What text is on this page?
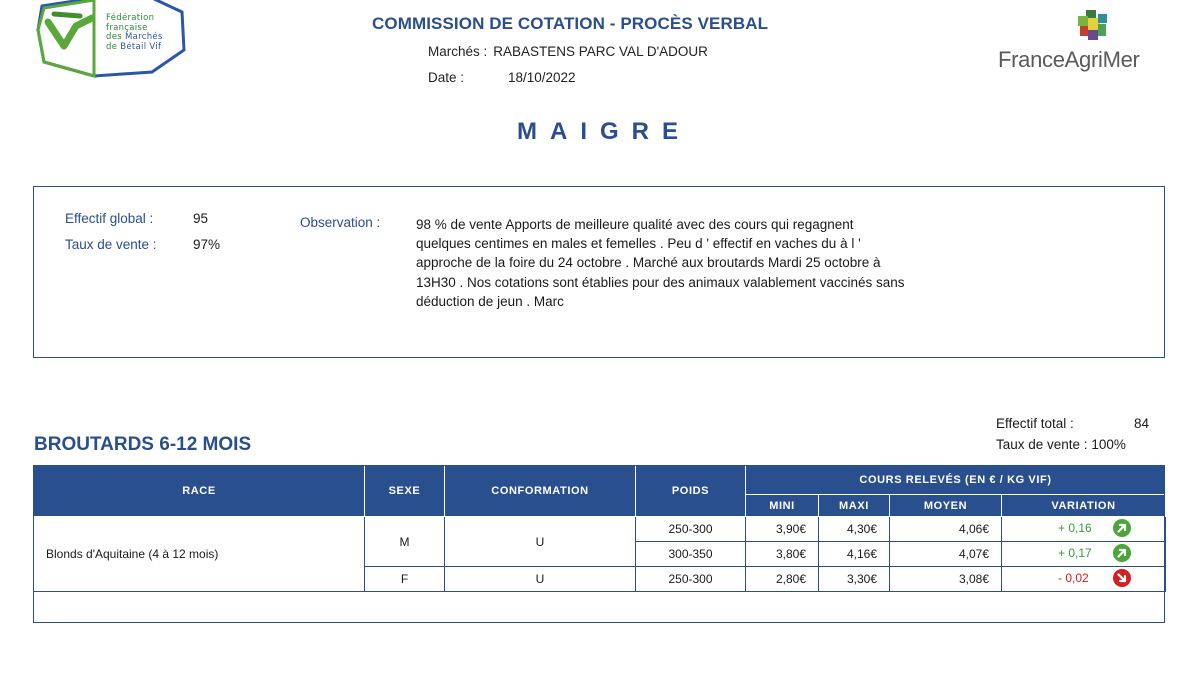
Fédération
française
des Marchés
de Bétail Vif
COMMISSION DE COTATION - PROCÈS VERBAL
Marchés : RABASTENS PARC VAL D'ADOUR
Date :	18/10/2022
FranceAgriMer
MAIGRE
Effectif global :	95
Taux de vente :	97%
Observation :	98 % de vente Apports de meilleure qualité avec des cours qui regagnent quelques centimes en males et femelles . Peu d ' effectif en vaches du à l ' approche de la foire du 24 octobre . Marché aux broutards Mardi 25 octobre à 13H30 . Nos cotations sont établies pour des animaux valablement vaccinés sans déduction de jeun . Marc
BROUTARDS 6-12 MOIS
Effectif total :	84
Taux de vente : 100%
RACE	SEXE	CONFORMATION	POIDS	COURS RELEVÉS (EN € / KG VIF)			
				MINI	MAXI	MOYEN	VARIATION
Blonds d'Aquitaine (4 à 12 mois)	M	U	250-300	3,90€	4,30€	4,06€	+ 0,16

			300-350	3,80€	4,16€	4,07€	+ 0,17

	F	U	250-300	2,80€	3,30€	3,08€	- 0,02
